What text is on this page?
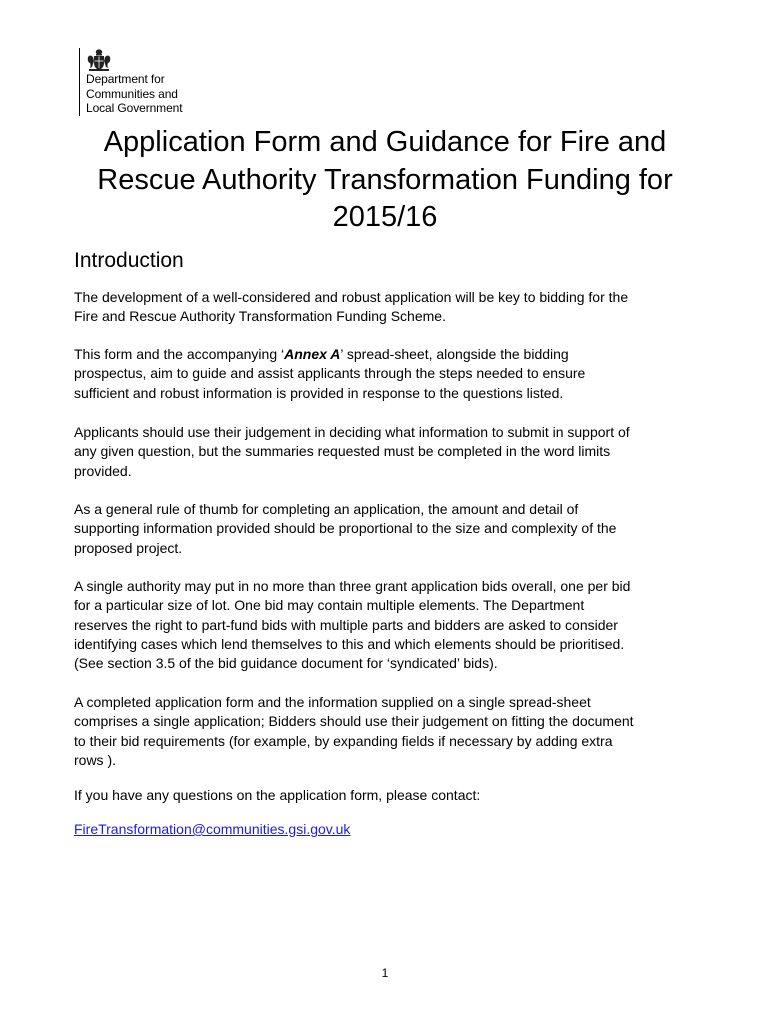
Department for
Communities and
Local Government
Application Form and Guidance for Fire and
Rescue Authority Transformation Funding for
2015/16
Introduction

The development of a well-considered and robust application will be key to bidding for the
Fire and Rescue Authority Transformation Funding Scheme.

This form and the accompanying ‘Annex A’ spread-sheet, alongside the bidding
prospectus, aim to guide and assist applicants through the steps needed to ensure
sufficient and robust information is provided in response to the questions listed.

Applicants should use their judgement in deciding what information to submit in support of
any given question, but the summaries requested must be completed in the word limits
provided.

As a general rule of thumb for completing an application, the amount and detail of
supporting information provided should be proportional to the size and complexity of the
proposed project.

A single authority may put in no more than three grant application bids overall, one per bid
for a particular size of lot. One bid may contain multiple elements. The Department
reserves the right to part-fund bids with multiple parts and bidders are asked to consider
identifying cases which lend themselves to this and which elements should be prioritised.
(See section 3.5 of the bid guidance document for ‘syndicated’ bids).

A completed application form and the information supplied on a single spread-sheet
comprises a single application; Bidders should use their judgement on fitting the document
to their bid requirements (for example, by expanding fields if necessary by adding extra
rows ).

If you have any questions on the application form, please contact:

FireTransformation@communities.gsi.gov.uk

1
